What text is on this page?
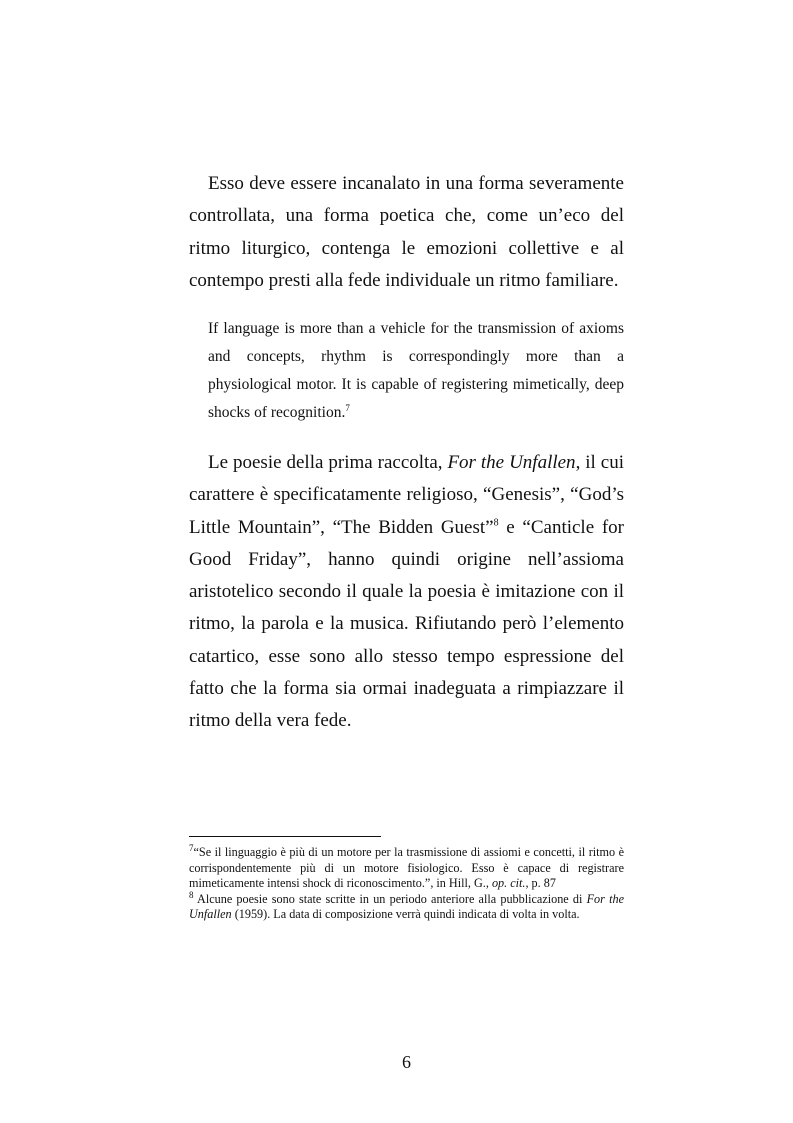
Esso deve essere incanalato in una forma severamente controllata, una forma poetica che, come un’eco del ritmo liturgico, contenga le emozioni collettive e al contempo presti alla fede individuale un ritmo familiare.

If language is more than a vehicle for the transmission of axioms and concepts, rhythm is correspondingly more than a physiological motor. It is capable of registering mimetically, deep shocks of recognition.$^7$

Le poesie della prima raccolta, For the Unfallen, il cui carattere è specificatamente religioso, “Genesis”, “God’s Little Mountain”, “The Bidden Guest”$^8$ e “Canticle for Good Friday”, hanno quindi origine nell’assioma aristotelico secondo il quale la poesia è imitazione con il ritmo, la parola e la musica. Rifiutando però l’elemento catartico, esse sono allo stesso tempo espressione del fatto che la forma sia ormai inadeguata a rimpiazzare il ritmo della vera fede.

$^7$“Se il linguaggio è più di un motore per la trasmissione di assiomi e concetti, il ritmo è corrispondentemente più di un motore fisiologico. Esso è capace di registrare mimeticamente intensi shock di riconoscimento.”, in Hill, G., op. cit., p. 87

$^8$ Alcune poesie sono state scritte in un periodo anteriore alla pubblicazione di For the Unfallen (1959). La data di composizione verrà quindi indicata di volta in volta.

6
